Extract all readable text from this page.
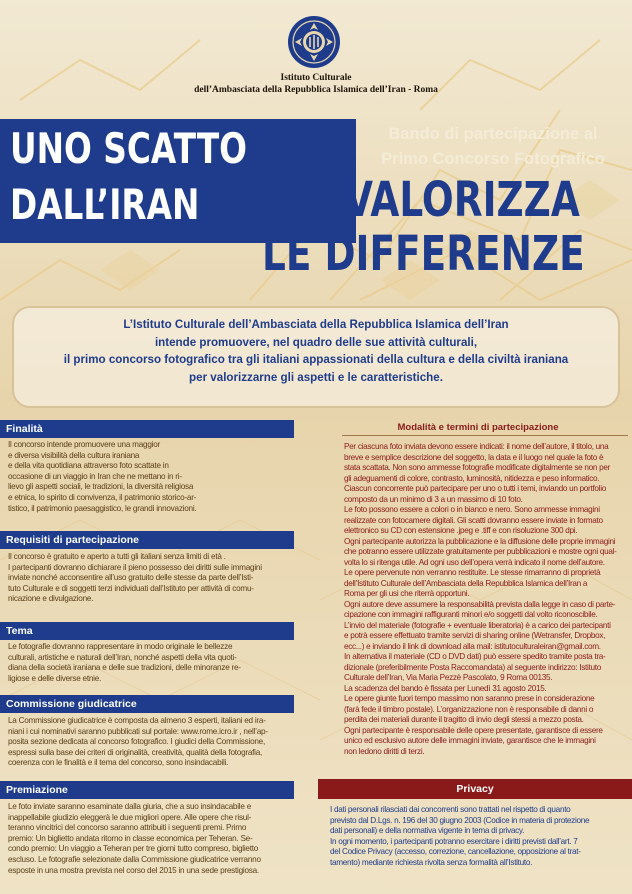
Istituto Culturale
dell’Ambasciata della Repubblica Islamica dell’Iran - Roma
UNO SCATTO
DALL’IRAN
Bando di partecipazione al
Primo Concorso Fotografico
VALORIZZA
LE DIFFERENZE
L’Istituto Culturale dell’Ambasciata della Repubblica Islamica dell’Iran
intende promuovere, nel quadro delle sue attività culturali,
il primo concorso fotografico tra gli italiani appassionati della cultura e della civiltà iraniana
per valorizzarne gli aspetti e le caratteristiche.
Finalità
Il concorso intende promuovere una maggior
e diversa visibilità della cultura iraniana
e della vita quotidiana attraverso foto scattate in
occasione di un viaggio in Iran che ne mettano in ri-
lievo gli aspetti sociali, le tradizioni, la diversità religiosa
e etnica, lo spirito di convivenza, il patrimonio storico-ar-
tistico, il patrimonio paesaggistico, le grandi innovazioni.
Requisiti di partecipazione
Il concorso è gratuito e aperto a tutti gli italiani senza limiti di età .
I partecipanti dovranno dichiarare il pieno possesso dei diritti sulle immagini
inviate nonché acconsentire all’uso gratuito delle stesse da parte dell’Isti-
tuto Culturale e di soggetti terzi individuati dall’Istituto per attività di comu-
nicazione e divulgazione.
Tema
Le fotografie dovranno rappresentare in modo originale le bellezze
culturali, artistiche e naturali dell’Iran, nonché aspetti della vita quoti-
diana della società iraniana e delle sue tradizioni, delle minoranze re-
ligiose e delle diverse etnie.
Commissione giudicatrice
La Commissione giudicatrice è composta da almeno 3 esperti, italiani ed ira-
niani i cui nominativi saranno pubblicati sul portale: www.rome.icro.ir , nell’ap-
posita sezione dedicata al concorso fotografico. I giudici della Commissione,
espressi sulla base dei criteri di originalità, creatività, qualità della fotografia,
coerenza con le finalità e il tema del concorso, sono insindacabili.
Premiazione
Le foto inviate saranno esaminate dalla giuria, che a suo insindacabile e
inappellabile giudizio eleggerà le due migliori opere. Alle opere che risul-
teranno vincitrici del concorso saranno attribuiti i seguenti premi. Primo
premio: Un biglietto andata ritorno in classe economica per Teheran. Se-
condo premio: Un viaggio a Teheran per tre giorni tutto compreso, biglietto
escluso. Le fotografie selezionate dalla Commissione giudicatrice verranno
esposte in una mostra prevista nel corso del 2015 in una sede prestigiosa.
Modalità e termini di partecipazione
Per ciascuna foto inviata devono essere indicati: il nome dell’autore, il titolo, una
breve e semplice descrizione del soggetto, la data e il luogo nel quale la foto è
stata scattata. Non sono ammesse fotografie modificate digitalmente se non per
gli adeguamenti di colore, contrasto, luminosità, nitidezza e peso informatico.
Ciascun concorrente può partecipare per uno o tutti i temi, inviando un portfolio
composto da un minimo di 3 a un massimo di 10 foto.
Le foto possono essere a colori o in bianco e nero. Sono ammesse immagini
realizzate con fotocamere digitali. Gli scatti dovranno essere inviate in formato
elettronico su CD con estensione .jpeg e .tiff e con risoluzione 300 dpi.
Ogni partecipante autorizza la pubblicazione e la diffusione delle proprie immagini
che potranno essere utilizzate gratuitamente per pubblicazioni e mostre ogni qual-
volta lo si ritenga utile. Ad ogni uso dell’opera verrà indicato il nome dell’autore.
Le opere pervenute non verranno restituite. Le stesse rimarranno di proprietà
dell’Istituto Culturale dell’Ambasciata della Repubblica Islamica dell’Iran a
Roma per gli usi che riterrà opportuni.
Ogni autore deve assumere la responsabilità prevista dalla legge in caso di parte-
cipazione con immagini raffiguranti minori e/o soggetti dal volto riconoscibile.
L’invio del materiale (fotografie + eventuale liberatoria) è a carico dei partecipanti
e potrà essere effettuato tramite servizi di sharing online (Wetransfer, Dropbox,
ecc...) e inviando il link di download alla mail: istitutoculturaleiran@gmail.com.
In alternativa il materiale (CD o DVD dati) può essere spedito tramite posta tra-
dizionale (preferibilmente Posta Raccomandata) al seguente indirizzo: Istituto
Culturale dell’Iran, Via Maria Pezzè Pascolato, 9 Roma 00135.
La scadenza del bando è fissata per Lunedì 31 agosto 2015.
Le opere giunte fuori tempo massimo non saranno prese in considerazione
(farà fede il timbro postale). L’organizzazione non è responsabile di danni o
perdita dei materiali durante il tragitto di invio degli stessi a mezzo posta.
Ogni partecipante è responsabile delle opere presentate, garantisce di essere
unico ed esclusivo autore delle immagini inviate, garantisce che le immagini
non ledono diritti di terzi.
Privacy
I dati personali rilasciati dai concorrenti sono trattati nel rispetto di quanto
previsto dal D.Lgs. n. 196 del 30 giugno 2003 (Codice in materia di protezione
dati personali) e della normativa vigente in tema di privacy.
In ogni momento, i partecipanti potranno esercitare i diritti previsti dall’art. 7
del Codice Privacy (accesso, correzione, cancellazione, opposizione al trat-
tamento) mediante richiesta rivolta senza formalità all’Istituto.
